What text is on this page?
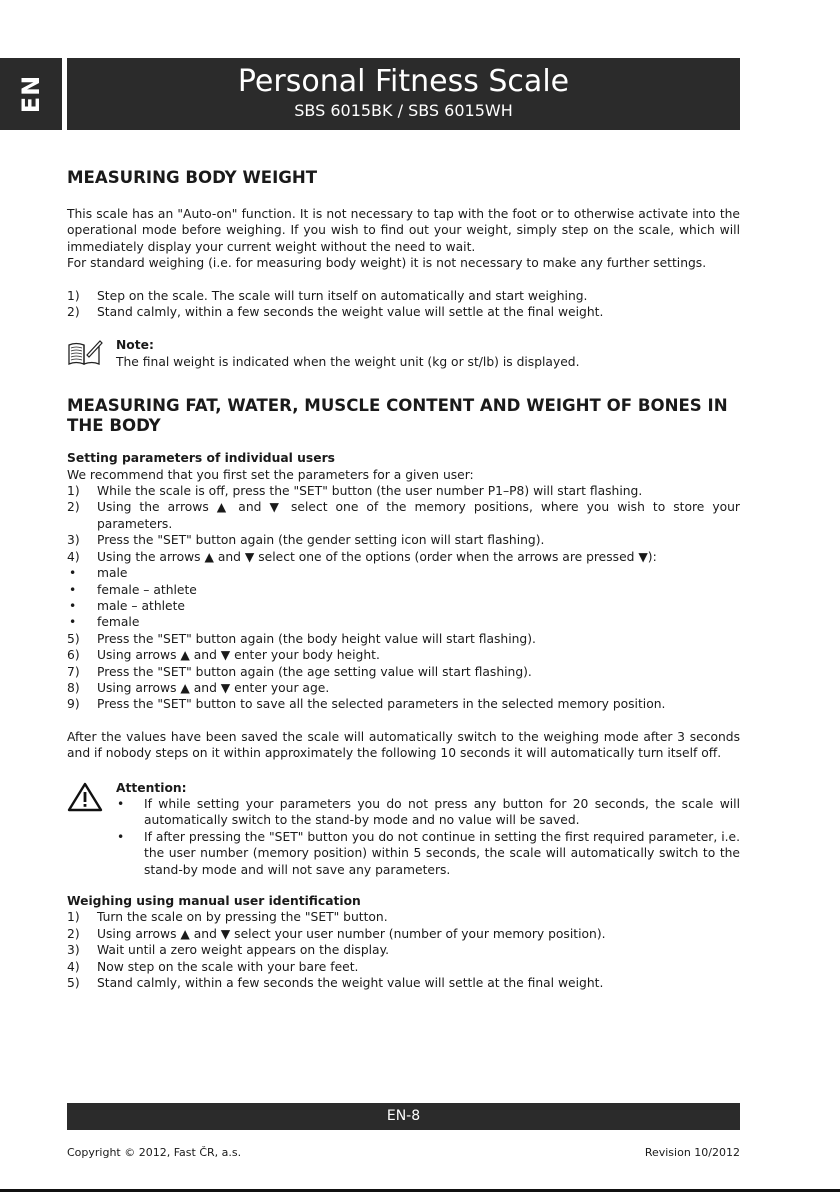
EN	Personal Fitness Scale
SBS 6015BK / SBS 6015WH
MEASURING BODY WEIGHT

This scale has an "Auto-on" function. It is not necessary to tap with the foot or to otherwise activate into the operational mode before weighing. If you wish to find out your weight, simply step on the scale, which will immediately display your current weight without the need to wait.

For standard weighing (i.e. for measuring body weight) it is not necessary to make any further settings.

1) Step on the scale. The scale will turn itself on automatically and start weighing.
2) Stand calmly, within a few seconds the weight value will settle at the final weight.
Note:
The final weight is indicated when the weight unit (kg or st/lb) is displayed.
MEASURING FAT, WATER, MUSCLE CONTENT AND WEIGHT OF BONES IN THE BODY
Setting parameters of individual users

We recommend that you first set the parameters for a given user:

1) While the scale is off, press the "SET" button (the user number P1–P8) will start flashing.
2) Using the arrows ▲ and ▼ select one of the memory positions, where you wish to store your parameters.
3) Press the "SET" button again (the gender setting icon will start flashing).
4) Using the arrows ▲ and ▼ select one of the options (order when the arrows are pressed ▼):
• male
• female – athlete
• male – athlete
• female
5) Press the "SET" button again (the body height value will start flashing).
6) Using arrows ▲ and ▼ enter your body height.
7) Press the "SET" button again (the age setting value will start flashing).
8) Using arrows ▲ and ▼ enter your age.
9) Press the "SET" button to save all the selected parameters in the selected memory position.

After the values have been saved the scale will automatically switch to the weighing mode after 3 seconds and if nobody steps on it within approximately the following 10 seconds it will automatically turn itself off.

Attention:
• If while setting your parameters you do not press any button for 20 seconds, the scale will automatically switch to the stand-by mode and no value will be saved.
• If after pressing the "SET" button you do not continue in setting the first required parameter, i.e. the user number (memory position) within 5 seconds, the scale will automatically switch to the stand-by mode and will not save any parameters.
Weighing using manual user identification
1) Turn the scale on by pressing the "SET" button.
2) Using arrows ▲ and ▼ select your user number (number of your memory position).
3) Wait until a zero weight appears on the display.
4) Now step on the scale with your bare feet.
5) Stand calmly, within a few seconds the weight value will settle at the final weight.
EN-8
Copyright © 2012, Fast ČR, a.s.	Revision 10/2012
